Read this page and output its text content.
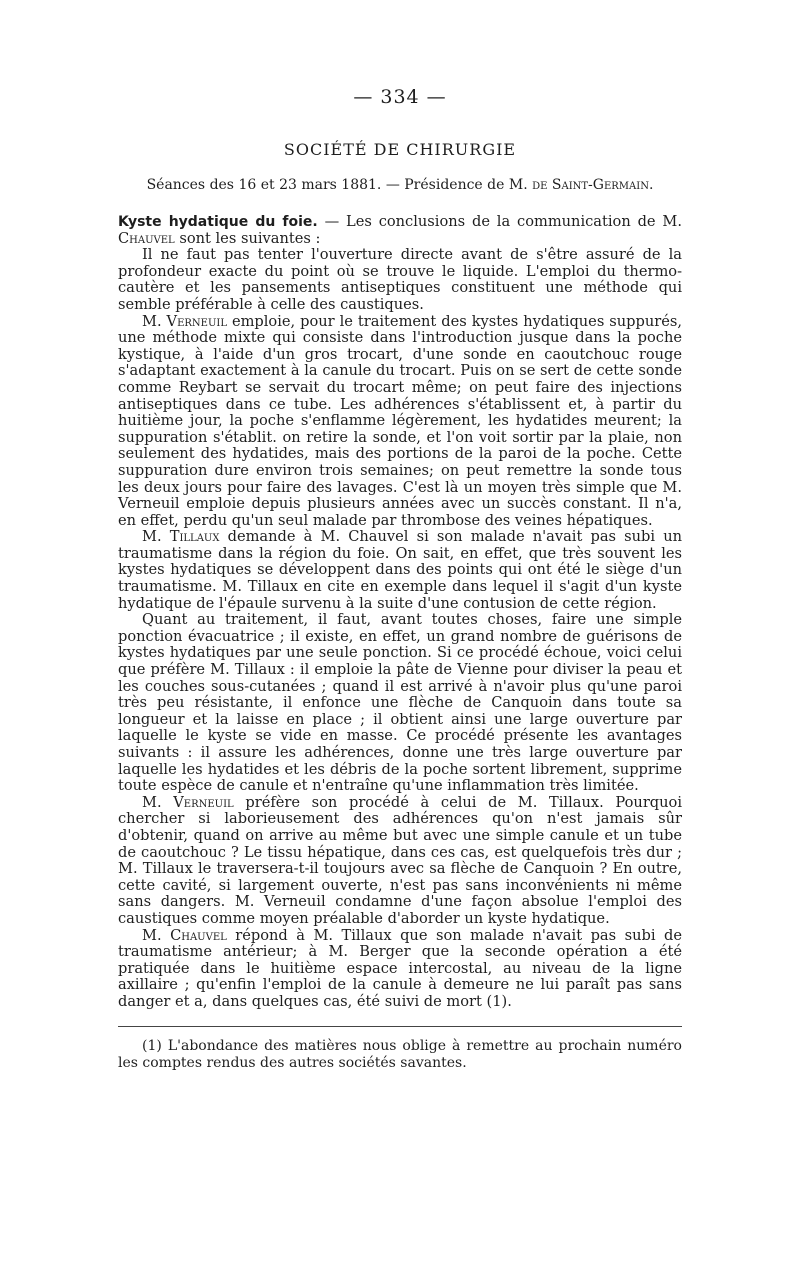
— 334 —
SOCIÉTÉ DE CHIRURGIE
Séances des 16 et 23 mars 1881. — Présidence de M. de Saint-Germain.

Kyste hydatique du foie. — Les conclusions de la communication de M. Chauvel sont les suivantes :

Il ne faut pas tenter l'ouverture directe avant de s'être assuré de la profondeur exacte du point où se trouve le liquide. L'emploi du thermo-cautère et les pansements antiseptiques constituent une méthode qui semble préférable à celle des caustiques.

M. Verneuil emploie, pour le traitement des kystes hydatiques suppurés, une méthode mixte qui consiste dans l'introduction jusque dans la poche kystique, à l'aide d'un gros trocart, d'une sonde en caoutchouc rouge s'adaptant exactement à la canule du trocart. Puis on se sert de cette sonde comme Reybart se servait du trocart même; on peut faire des injections antiseptiques dans ce tube. Les adhérences s'établissent et, à partir du huitième jour, la poche s'enflamme légèrement, les hydatides meurent; la suppuration s'établit. on retire la sonde, et l'on voit sortir par la plaie, non seulement des hydatides, mais des portions de la paroi de la poche. Cette suppuration dure environ trois semaines; on peut remettre la sonde tous les deux jours pour faire des lavages. C'est là un moyen très simple que M. Verneuil emploie depuis plusieurs années avec un succès constant. Il n'a, en effet, perdu qu'un seul malade par thrombose des veines hépatiques.

M. Tillaux demande à M. Chauvel si son malade n'avait pas subi un traumatisme dans la région du foie. On sait, en effet, que très souvent les kystes hydatiques se développent dans des points qui ont été le siège d'un traumatisme. M. Tillaux en cite en exemple dans lequel il s'agit d'un kyste hydatique de l'épaule survenu à la suite d'une contusion de cette région.

Quant au traitement, il faut, avant toutes choses, faire une simple ponction évacuatrice ; il existe, en effet, un grand nombre de guérisons de kystes hydatiques par une seule ponction. Si ce procédé échoue, voici celui que préfère M. Tillaux : il emploie la pâte de Vienne pour diviser la peau et les couches sous-cutanées ; quand il est arrivé à n'avoir plus qu'une paroi très peu résistante, il enfonce une flèche de Canquoin dans toute sa longueur et la laisse en place ; il obtient ainsi une large ouverture par laquelle le kyste se vide en masse. Ce procédé présente les avantages suivants : il assure les adhérences, donne une très large ouverture par laquelle les hydatides et les débris de la poche sortent librement, supprime toute espèce de canule et n'entraîne qu'une inflammation très limitée.

M. Verneuil préfère son procédé à celui de M. Tillaux. Pourquoi chercher si laborieusement des adhérences qu'on n'est jamais sûr d'obtenir, quand on arrive au même but avec une simple canule et un tube de caoutchouc ? Le tissu hépatique, dans ces cas, est quelquefois très dur ; M. Tillaux le traversera-t-il toujours avec sa flèche de Canquoin ? En outre, cette cavité, si largement ouverte, n'est pas sans inconvénients ni même sans dangers. M. Verneuil condamne d'une façon absolue l'emploi des caustiques comme moyen préalable d'aborder un kyste hydatique.

M. Chauvel répond à M. Tillaux que son malade n'avait pas subi de traumatisme antérieur; à M. Berger que la seconde opération a été pratiquée dans le huitième espace intercostal, au niveau de la ligne axillaire ; qu'enfin l'emploi de la canule à demeure ne lui paraît pas sans danger et a, dans quelques cas, été suivi de mort (1).

(1) L'abondance des matières nous oblige à remettre au prochain numéro les comptes rendus des autres sociétés savantes.
